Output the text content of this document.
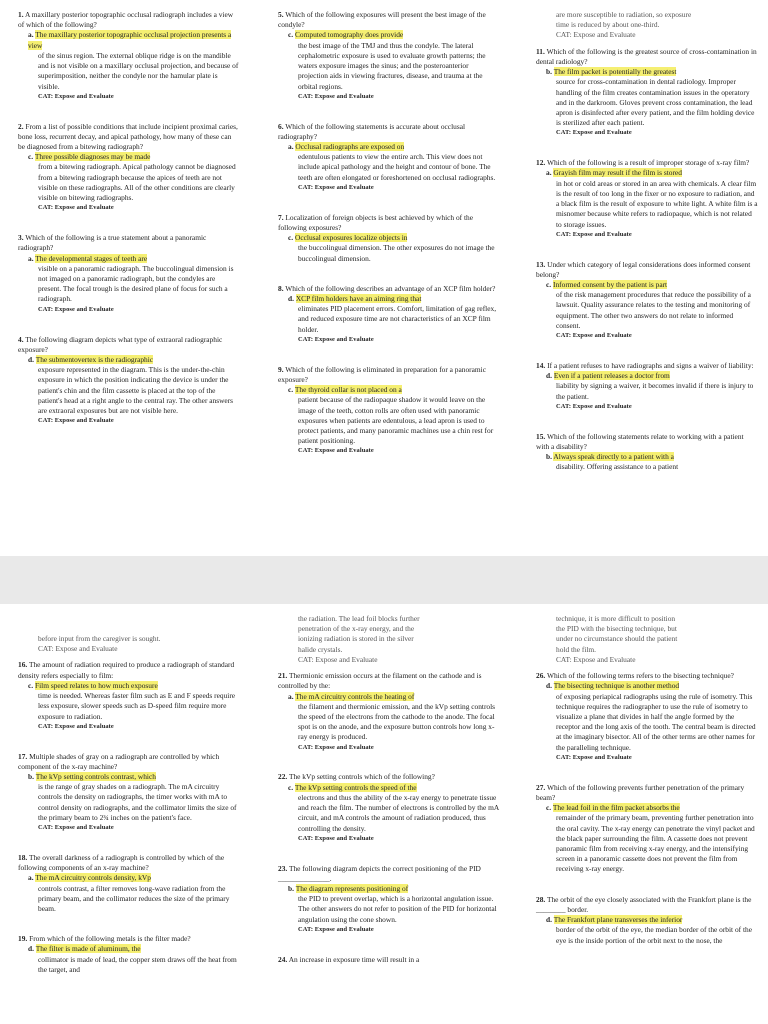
1. A maxillary posterior topographic occlusal radiograph includes a view of which of the following?
a. The maxillary posterior topographic occlusal projection presents a view
of the sinus region. The external oblique ridge is on the mandible and is not visible on a maxillary occlusal projection, and because of superimposition, neither the condyle nor the hamular plate is visible.
CAT: Expose and Evaluate
2. From a list of possible conditions that include incipient proximal caries, bone loss, recurrent decay, and apical pathology, how many of these can be diagnosed from a bitewing radiograph?
c. Three possible diagnoses may be made
from a bitewing radiograph. Apical pathology cannot be diagnosed from a bitewing radiograph because the apices of teeth are not visible on these radiographs. All of the other conditions are clearly visible on bitewing radiographs.
CAT: Expose and Evaluate
3. Which of the following is a true statement about a panoramic radiograph?
a. The developmental stages of teeth are
visible on a panoramic radiograph. The buccolingual dimension is not imaged on a panoramic radiograph, but the condyles are present. The focal trough is the desired plane of focus for such a radiograph.
CAT: Expose and Evaluate
4. The following diagram depicts what type of extraoral radiographic exposure?
d. The submentovertex is the radiographic
exposure represented in the diagram. This is the under-the-chin exposure in which the position indicating the device is under the patient's chin and the film cassette is placed at the top of the patient's head at a right angle to the central ray. The other answers are extraoral exposures but are not visible here.
CAT: Expose and Evaluate
5. Which of the following exposures will present the best image of the condyle?
c. Computed tomography does provide
the best image of the TMJ and thus the condyle. The lateral cephalometric exposure is used to evaluate growth patterns; the waters exposure images the sinus; and the posteroanterior projection aids in viewing fractures, disease, and trauma at the orbital regions.
CAT: Expose and Evaluate
6. Which of the following statements is accurate about occlusal radiography?
a. Occlusal radiographs are exposed on
edentulous patients to view the entire arch. This view does not include apical pathology and the height and contour of bone. The teeth are often elongated or foreshortened on occlusal radiographs.
CAT: Expose and Evaluate
7. Localization of foreign objects is best achieved by which of the following exposures?
c. Occlusal exposures localize objects in
the buccolingual dimension. The other exposures do not image the buccolingual dimension.
8. Which of the following describes an advantage of an XCP film holder?
d. XCP film holders have an aiming ring that
eliminates PID placement errors. Comfort, limitation of gag reflex, and reduced exposure time are not characteristics of an XCP film holder.
CAT: Expose and Evaluate
9. Which of the following is eliminated in preparation for a panoramic exposure?
c. The thyroid collar is not placed on a
patient because of the radiopaque shadow it would leave on the image of the teeth, cotton rolls are often used with panoramic exposures when patients are edentulous, a lead apron is used to protect patients, and many panoramic machines use a chin rest for patient positioning.
CAT: Expose and Evaluate
are more susceptible to radiation, so exposure
time is reduced by about one-third.
CAT: Expose and Evaluate
11. Which of the following is the greatest source of cross-contamination in dental radiology?
b. The film packet is potentially the greatest
source for cross-contamination in dental radiology. Improper handling of the film creates contamination issues in the operatory and in the darkroom. Gloves prevent cross contamination, the lead apron is disinfected after every patient, and the film holding device is sterilized after each patient.
CAT: Expose and Evaluate
12. Which of the following is a result of improper storage of x-ray film?
a. Grayish film may result if the film is stored
in hot or cold areas or stored in an area with chemicals. A clear film is the result of too long in the fixer or no exposure to radiation, and a black film is the result of exposure to white light. A white film is a misnomer because white refers to radiopaque, which is not related to storage issues.
CAT: Expose and Evaluate
13. Under which category of legal considerations does informed consent belong?
c. Informed consent by the patient is part
of the risk management procedures that reduce the possibility of a lawsuit. Quality assurance relates to the testing and monitoring of equipment. The other two answers do not relate to informed consent.
CAT: Expose and Evaluate
14. If a patient refuses to have radiographs and signs a waiver of liability:
d. Even if a patient releases a doctor from
liability by signing a waiver, it becomes invalid if there is injury to the patient.
CAT: Expose and Evaluate
15. Which of the following statements relate to working with a patient with a disability?
b. Always speak directly to a patient with a
disability. Offering assistance to a patient
before input from the caregiver is sought.
CAT: Expose and Evaluate
16. The amount of radiation required to produce a radiograph of standard density refers especially to film:
c. Film speed relates to how much exposure
time is needed. Whereas faster film such as E and F speeds require less exposure, slower speeds such as D-speed film require more exposure to radiation.
CAT: Expose and Evaluate
17. Multiple shades of gray on a radiograph are controlled by which component of the x-ray machine?
b. The kVp setting controls contrast, which
is the range of gray shades on a radiograph. The mA circuitry controls the density on radiographs, the timer works with mA to control density on radiographs, and the collimator limits the size of the primary beam to 2¾ inches on the patient's face.
CAT: Expose and Evaluate
18. The overall darkness of a radiograph is controlled by which of the following components of an x-ray machine?
a. The mA circuitry controls density, kVp
controls contrast, a filter removes long-wave radiation from the primary beam, and the collimator reduces the size of the primary beam.
19. From which of the following metals is the filter made?
d. The filter is made of aluminum, the
collimator is made of lead, the copper stem draws off the heat from the target, and
the radiation. The lead foil blocks further
penetration of the x-ray energy, and the
ionizing radiation is stored in the silver
halide crystals.
CAT: Expose and Evaluate
21. Thermionic emission occurs at the filament on the cathode and is controlled by the:
a. The mA circuitry controls the heating of
the filament and thermionic emission, and the kVp setting controls the speed of the electrons from the cathode to the anode. The focal spot is on the anode, and the exposure button controls how long x-ray energy is produced.
CAT: Expose and Evaluate
22. The kVp setting controls which of the following?
c. The kVp setting controls the speed of the
electrons and thus the ability of the x-ray energy to penetrate tissue and reach the film. The number of electrons is controlled by the mA circuit, and mA controls the amount of radiation produced, thus controlling the density.
CAT: Expose and Evaluate
23. The following diagram depicts the correct positioning of the PID ______________.
b. The diagram represents positioning of
the PID to prevent overlap, which is a horizontal angulation issue. The other answers do not refer to position of the PID for horizontal angulation using the cone shown.
CAT: Expose and Evaluate
24. An increase in exposure time will result in a
technique, it is more difficult to position
the PID with the bisecting technique, but
under no circumstance should the patient
hold the film.
CAT: Expose and Evaluate
26. Which of the following terms refers to the bisecting technique?
d. The bisecting technique is another method
of exposing periapical radiographs using the rule of isometry. This technique requires the radiographer to use the rule of isometry to visualize a plane that divides in half the angle formed by the receptor and the long axis of the tooth. The central beam is directed at the imaginary bisector. All of the other terms are other names for the paralleling technique.
CAT: Expose and Evaluate
27. Which of the following prevents further penetration of the primary beam?
c. The lead foil in the film packet absorbs the
remainder of the primary beam, preventing further penetration into the oral cavity. The x-ray energy can penetrate the vinyl packet and the black paper surrounding the film. A cassette does not prevent panoramic film from receiving x-ray energy, and the intensifying screen in a panoramic cassette does not prevent the film from receiving x-ray energy.
28. The orbit of the eye closely associated with the Frankfort plane is the ________ border.
d. The Frankfort plane transverses the inferior
border of the orbit of the eye, the median border of the orbit of the eye is the inside portion of the orbit next to the nose, the
